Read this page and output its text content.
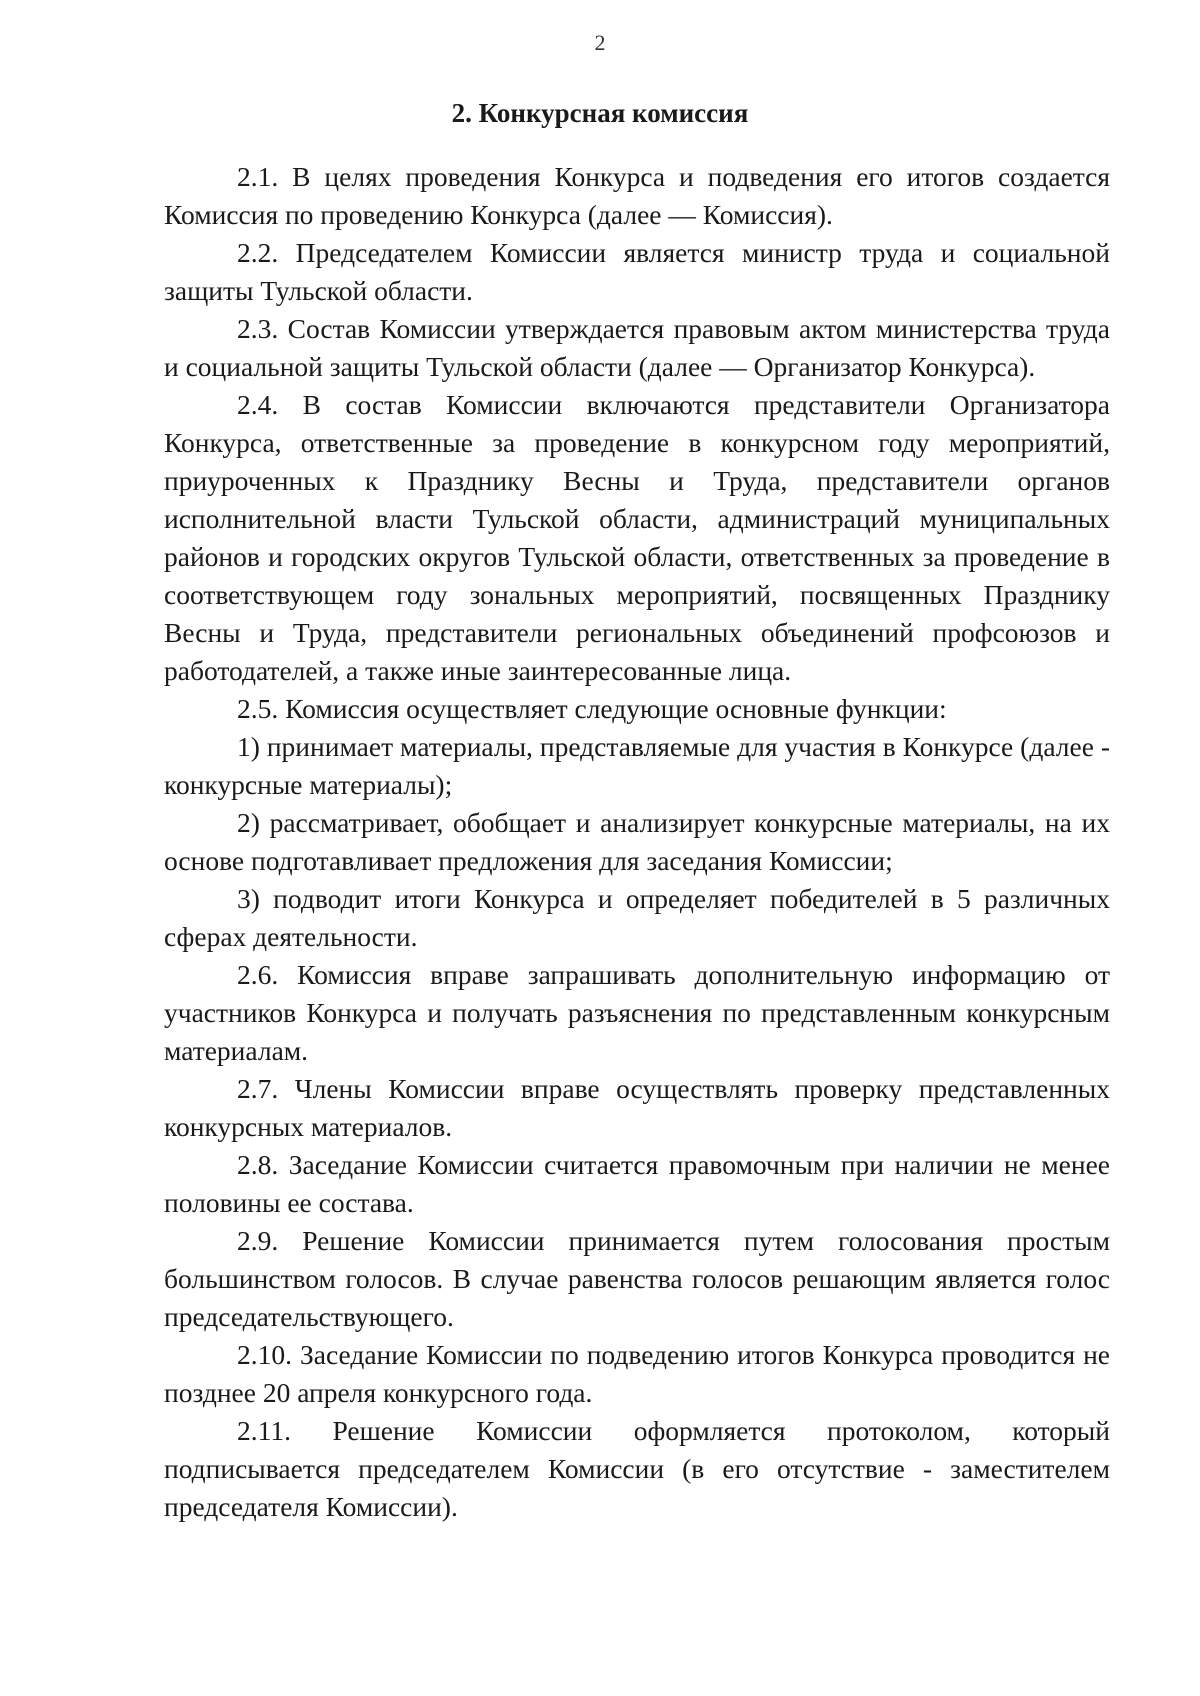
2
2. Конкурсная комиссия

2.1. В целях проведения Конкурса и подведения его итогов создается Комиссия по проведению Конкурса (далее — Комиссия).

2.2. Председателем Комиссии является министр труда и социальной защиты Тульской области.

2.3. Состав Комиссии утверждается правовым актом министерства труда и социальной защиты Тульской области (далее — Организатор Конкурса).

2.4. В состав Комиссии включаются представители Организатора Конкурса, ответственные за проведение в конкурсном году мероприятий, приуроченных к Празднику Весны и Труда, представители органов исполнительной власти Тульской области, администраций муниципальных районов и городских округов Тульской области, ответственных за проведение в соответствующем году зональных мероприятий, посвященных Празднику Весны и Труда, представители региональных объединений профсоюзов и работодателей, а также иные заинтересованные лица.

2.5. Комиссия осуществляет следующие основные функции:

1) принимает материалы, представляемые для участия в Конкурсе (далее - конкурсные материалы);

2) рассматривает, обобщает и анализирует конкурсные материалы, на их основе подготавливает предложения для заседания Комиссии;

3) подводит итоги Конкурса и определяет победителей в 5 различных сферах деятельности.

2.6. Комиссия вправе запрашивать дополнительную информацию от участников Конкурса и получать разъяснения по представленным конкурсным материалам.

2.7. Члены Комиссии вправе осуществлять проверку представленных конкурсных материалов.

2.8. Заседание Комиссии считается правомочным при наличии не менее половины ее состава.

2.9. Решение Комиссии принимается путем голосования простым большинством голосов. В случае равенства голосов решающим является голос председательствующего.

2.10. Заседание Комиссии по подведению итогов Конкурса проводится не позднее 20 апреля конкурсного года.

2.11. Решение Комиссии оформляется протоколом, который подписывается председателем Комиссии (в его отсутствие - заместителем председателя Комиссии).
